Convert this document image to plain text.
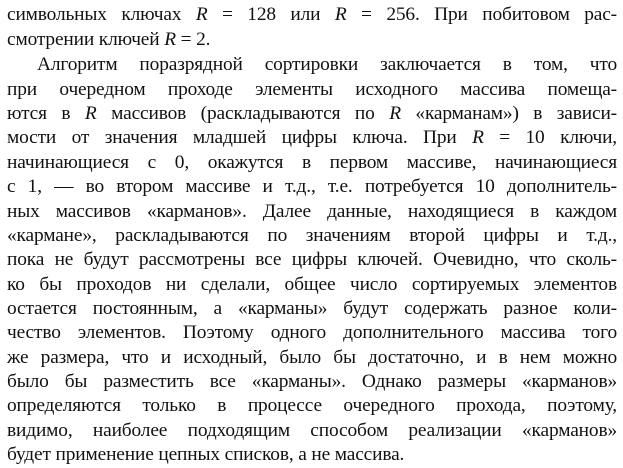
символьных ключах R = 128 или R = 256. При побитовом рас-
смотрении ключей R = 2.
Алгоритм поразрядной сортировки заключается в том, что
при очередном проходе элементы исходного массива помеща-
ются в R массивов (раскладываются по R «карманам») в зависи-
мости от значения младшей цифры ключа. При R = 10 ключи,
начинающиеся с 0, окажутся в первом массиве, начинающиеся
с 1, — во втором массиве и т.д., т.е. потребуется 10 дополнитель-
ных массивов «карманов». Далее данные, находящиеся в каждом
«кармане», раскладываются по значениям второй цифры и т.д.,
пока не будут рассмотрены все цифры ключей. Очевидно, что сколь-
ко бы проходов ни сделали, общее число сортируемых элементов
остается постоянным, а «карманы» будут содержать разное коли-
чество элементов. Поэтому одного дополнительного массива того
же размера, что и исходный, было бы достаточно, и в нем можно
было бы разместить все «карманы». Однако размеры «карманов»
определяются только в процессе очередного прохода, поэтому,
видимо, наиболее подходящим способом реализации «карманов»
будет применение цепных списков, а не массива.
